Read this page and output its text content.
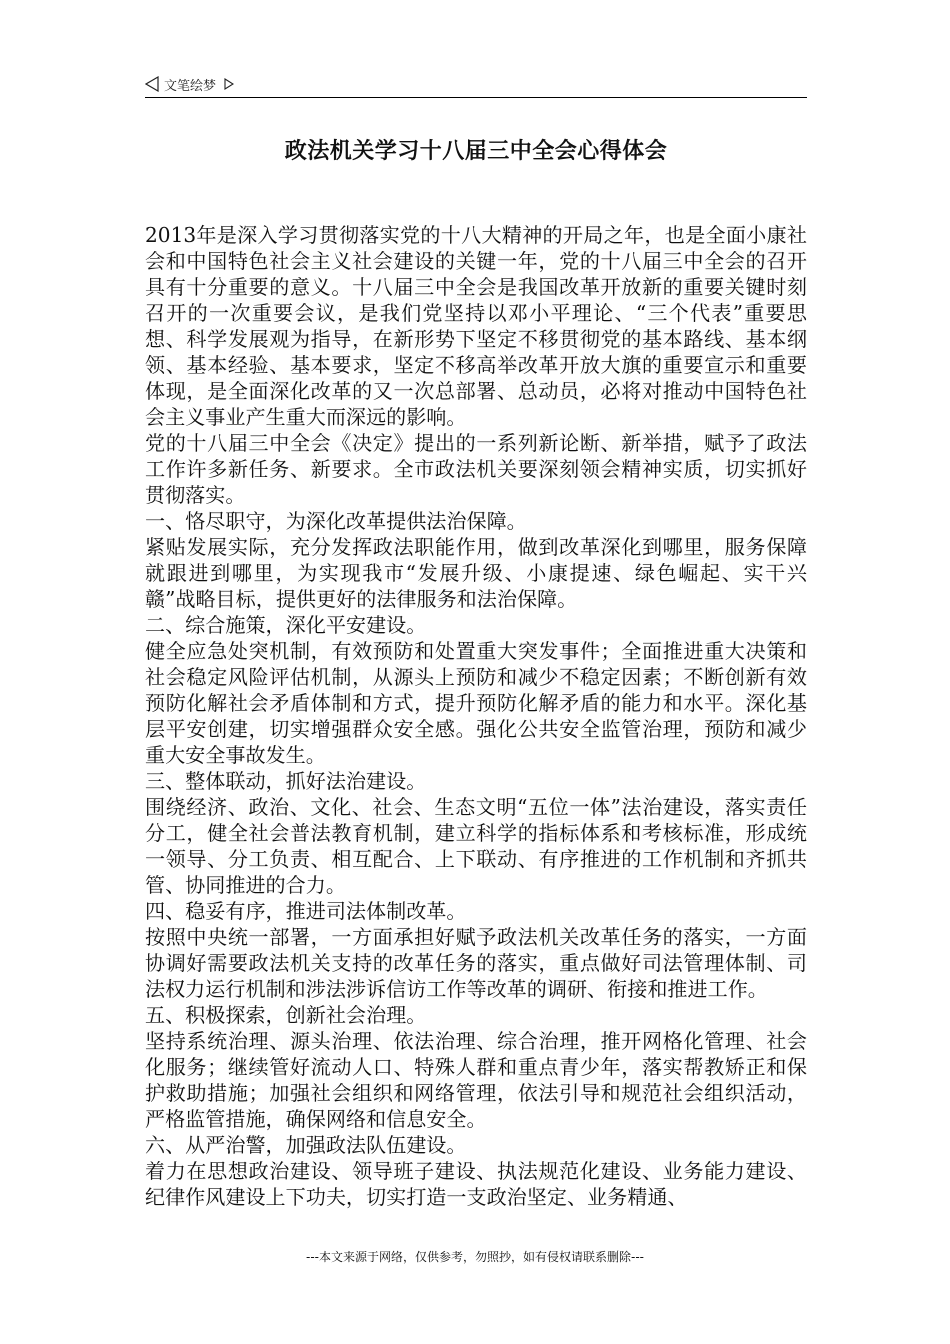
文笔绘梦
政法机关学习十八届三中全会心得体会

2013年是深入学习贯彻落实党的十八大精神的开局之年，也是全面小康社会和中国特色社会主义社会建设的关键一年，党的十八届三中全会的召开具有十分重要的意义。十八届三中全会是我国改革开放新的重要关键时刻召开的一次重要会议，是我们党坚持以邓小平理论、“三个代表”重要思想、科学发展观为指导，在新形势下坚定不移贯彻党的基本路线、基本纲领、基本经验、基本要求，坚定不移高举改革开放大旗的重要宣示和重要体现，是全面深化改革的又一次总部署、总动员，必将对推动中国特色社会主义事业产生重大而深远的影响。

党的十八届三中全会《决定》提出的一系列新论断、新举措，赋予了政法工作许多新任务、新要求。全市政法机关要深刻领会精神实质，切实抓好贯彻落实。

一、恪尽职守，为深化改革提供法治保障。

紧贴发展实际，充分发挥政法职能作用，做到改革深化到哪里，服务保障就跟进到哪里，为实现我市“发展升级、小康提速、绿色崛起、实干兴赣”战略目标，提供更好的法律服务和法治保障。

二、综合施策，深化平安建设。

健全应急处突机制，有效预防和处置重大突发事件；全面推进重大决策和社会稳定风险评估机制，从源头上预防和减少不稳定因素；不断创新有效预防化解社会矛盾体制和方式，提升预防化解矛盾的能力和水平。深化基层平安创建，切实增强群众安全感。强化公共安全监管治理，预防和减少重大安全事故发生。

三、整体联动，抓好法治建设。

围绕经济、政治、文化、社会、生态文明“五位一体”法治建设，落实责任分工，健全社会普法教育机制，建立科学的指标体系和考核标准，形成统一领导、分工负责、相互配合、上下联动、有序推进的工作机制和齐抓共管、协同推进的合力。

四、稳妥有序，推进司法体制改革。

按照中央统一部署，一方面承担好赋予政法机关改革任务的落实，一方面协调好需要政法机关支持的改革任务的落实，重点做好司法管理体制、司法权力运行机制和涉法涉诉信访工作等改革的调研、衔接和推进工作。

五、积极探索，创新社会治理。

坚持系统治理、源头治理、依法治理、综合治理，推开网格化管理、社会化服务；继续管好流动人口、特殊人群和重点青少年，落实帮教矫正和保护救助措施；加强社会组织和网络管理，依法引导和规范社会组织活动，严格监管措施，确保网络和信息安全。

六、从严治警，加强政法队伍建设。

着力在思想政治建设、领导班子建设、执法规范化建设、业务能力建设、纪律作风建设上下功夫，切实打造一支政治坚定、业务精通、

---本文来源于网络，仅供参考，勿照抄，如有侵权请联系删除---
